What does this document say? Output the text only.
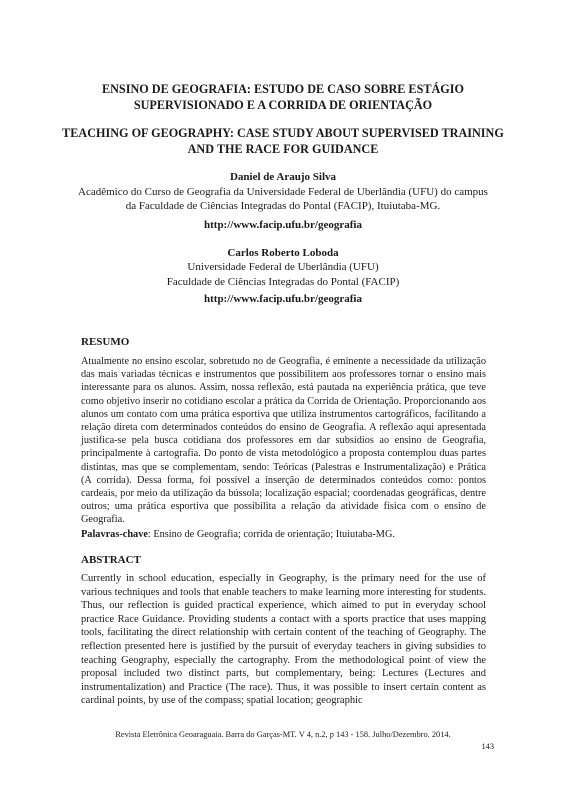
ENSINO DE GEOGRAFIA: ESTUDO DE CASO SOBRE ESTÁGIO SUPERVISIONADO E A CORRIDA DE ORIENTAÇÃO
TEACHING OF GEOGRAPHY: CASE STUDY ABOUT SUPERVISED TRAINING AND THE RACE FOR GUIDANCE
Daniel de Araujo Silva
Acadêmico do Curso de Geografia da Universidade Federal de Uberlândia (UFU) do campus da Faculdade de Ciências Integradas do Pontal (FACIP), Ituiutaba-MG.
http://www.facip.ufu.br/geografia
Carlos Roberto Loboda
Universidade Federal de Uberlândia (UFU)
Faculdade de Ciências Integradas do Pontal (FACIP)
http://www.facip.ufu.br/geografia
RESUMO
Atualmente no ensino escolar, sobretudo no de Geografia, é eminente a necessidade da utilização das mais variadas técnicas e instrumentos que possibilitem aos professores tornar o ensino mais interessante para os alunos. Assim, nossa reflexão, está pautada na experiência prática, que teve como objetivo inserir no cotidiano escolar a prática da Corrida de Orientação. Proporcionando aos alunos um contato com uma prática esportiva que utiliza instrumentos cartográficos, facilitando a relação direta com determinados conteúdos do ensino de Geografia. A reflexão aqui apresentada justifica-se pela busca cotidiana dos professores em dar subsídios ao ensino de Geografia, principalmente à cartografia. Do ponto de vista metodológico a proposta contemplou duas partes distintas, mas que se complementam, sendo: Teóricas (Palestras e Instrumentalização) e Prática (A corrida). Dessa forma, foi possível a inserção de determinados conteúdos como: pontos cardeais, por meio da utilização da bússola; localização espacial; coordenadas geográficas, dentre outros; uma prática esportiva que possibilita a relação da atividade física com o ensino de Geografia.
Palavras-chave: Ensino de Geografia; corrida de orientação; Ituiutaba-MG.
ABSTRACT
Currently in school education, especially in Geography, is the primary need for the use of various techniques and tools that enable teachers to make learning more interesting for students. Thus, our reflection is guided practical experience, which aimed to put in everyday school practice Race Guidance. Providing students a contact with a sports practice that uses mapping tools, facilitating the direct relationship with certain content of the teaching of Geography. The reflection presented here is justified by the pursuit of everyday teachers in giving subsidies to teaching Geography, especially the cartography. From the methodological point of view the proposal included two distinct parts, but complementary, being: Lectures (Lectures and instrumentalization) and Practice (The race). Thus, it was possible to insert certain content as cardinal points, by use of the compass; spatial location; geographic
Revista Eletrônica Geoaraguaia. Barra do Garças-MT. V 4, n.2, p 143 - 158. Julho/Dezembro. 2014.
143
